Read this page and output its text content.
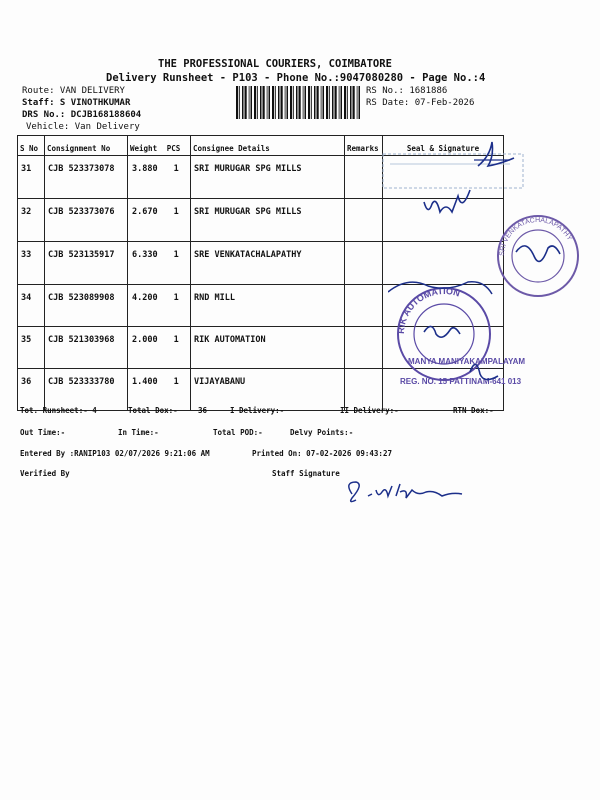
THE PROFESSIONAL COURIERS, COIMBATORE
Delivery Runsheet - P103 - Phone No.:9047080280 - Page No.:4
Route: VAN DELIVERY
Staff: S VINOTHKUMAR
DRS No.: DCJB168188604
Vehicle: Van Delivery
RS No.: 1681886
RS Date: 07-Feb-2026
S No	Consignment No	Weight PCS	Consignee Details	Remarks	Seal & Signature
31	CJB 523373078	3.880 1	SRI MURUGAR SPG MILLS		
32	CJB 523373076	2.670 1	SRI MURUGAR SPG MILLS		
33	CJB 523135917	6.330 1	SRE VENKATACHALAPATHY		
34	CJB 523089908	4.200 1	RND MILL		
35	CJB 521303968	2.000 1	RIK AUTOMATION		
36	CJB 523333780	1.400 1	VIJAYABANU		
Tot. Runsheet:- 4	Total Dox:-	36	I Delivery:-	II Delivery:-	RTN Dox:-
Out Time:-	In Time:-	Total POD:-	Delvy Points:-
Entered By :RANIP103 02/07/2026 9:21:06 AM	Printed On: 07-02-2026 09:43:27
Verified By	Staff Signature
SRI VENKATACHALAPATHY
RIK AUTOMATION
MANYA MANIYAKAMPALAYAM
REG. NO. 15 PATTINAM-641 013
